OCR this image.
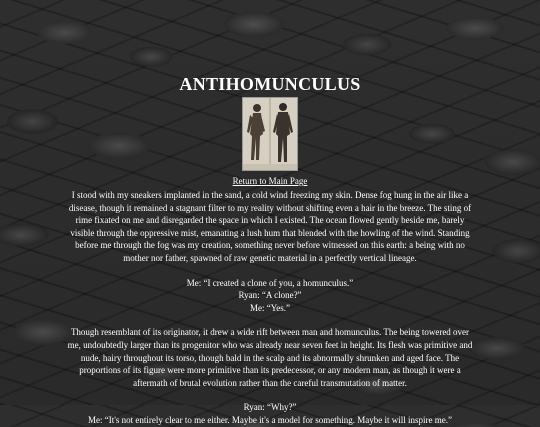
ANTIHOMUNCULUS
Return to Main Page

I stood with my sneakers implanted in the sand, a cold wind freezing my skin. Dense fog hung in the air like a disease, though it remained a stagnant filter to my reality without shifting even a hair in the breeze. The sting of rime fixated on me and disregarded the space in which I existed. The ocean flowed gently beside me, barely visible through the oppressive mist, emanating a lush hum that blended with the howling of the wind. Standing before me through the fog was my creation, something never before witnessed on this earth: a being with no mother nor father, spawned of raw genetic material in a perfectly vertical lineage.

Me: “I created a clone of you, a homunculus.”

Ryan: “A clone?”

Me: “Yes.”

Though resemblant of its originator, it drew a wide rift between man and homunculus. The being towered over me, undoubtedly larger than its progenitor who was already near seven feet in height. Its flesh was primitive and nude, hairy throughout its torso, though bald in the scalp and its abnormally shrunken and aged face. The proportions of its figure were more primitive than its predecessor, or any modern man, as though it were a aftermath of brutal evolution rather than the careful transmutation of matter.

Ryan: “Why?”

Me: “It's not entirely clear to me either. Maybe it's a model for something. Maybe it will inspire me.”
